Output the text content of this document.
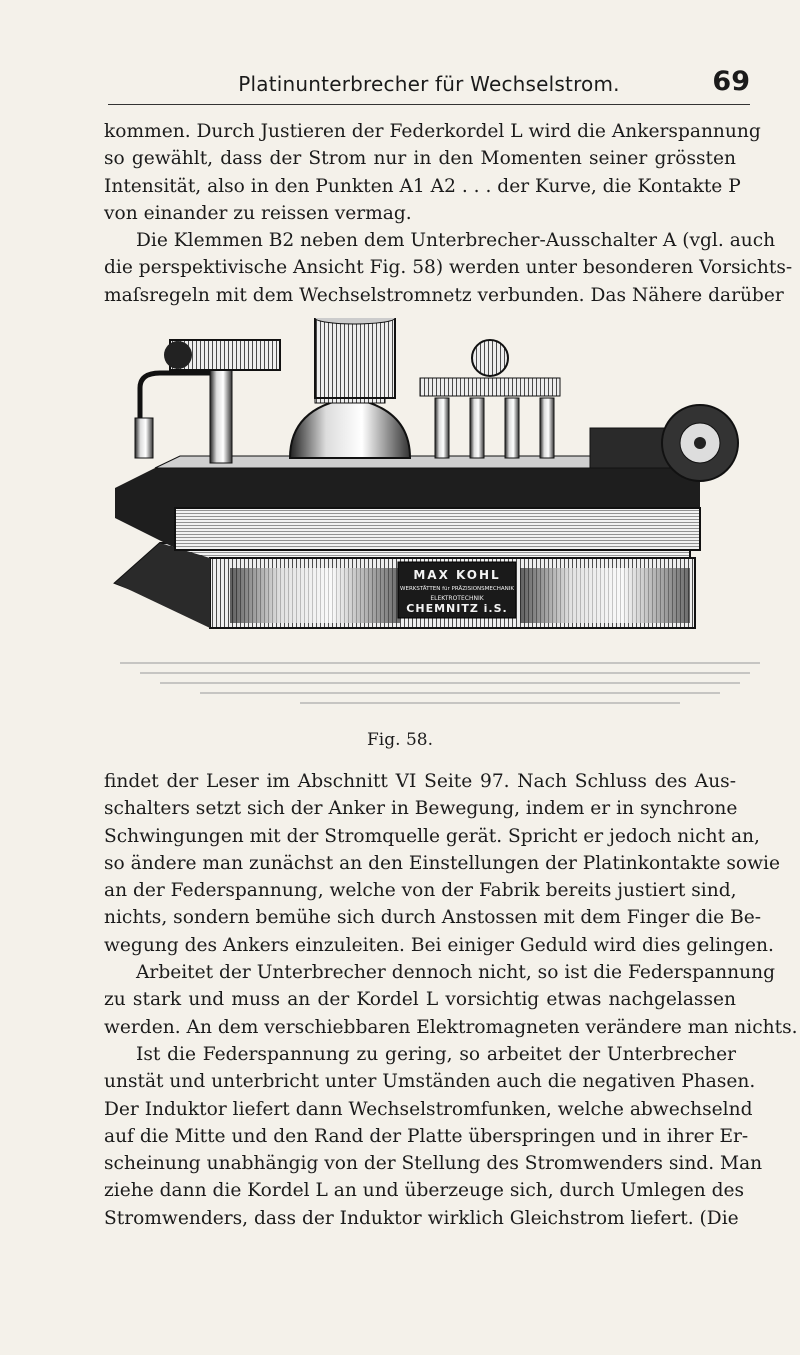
Platinunterbrecher für Wechselstrom.	69

kommen. Durch Justieren der Federkordel L wird die Ankerspannung
so gewählt, dass der Strom nur in den Momenten seiner grössten
Intensität, also in den Punkten A1 A2 . . . der Kurve, die Kontakte P
von einander zu reissen vermag.

Die Klemmen B2 neben dem Unterbrecher-Ausschalter A (vgl. auch
die perspektivische Ansicht Fig. 58) werden unter besonderen Vorsichts-
maſsregeln mit dem Wechselstromnetz verbunden. Das Nähere darüber

MAX KOHL
WERKSTÄTTEN für PRÄZISIONSMECHANIK
ELEKTROTECHNIK
CHEMNITZ i.S.
Fig. 58.

findet der Leser im Abschnitt VI Seite 97. Nach Schluss des Aus-
schalters setzt sich der Anker in Bewegung, indem er in synchrone
Schwingungen mit der Stromquelle gerät. Spricht er jedoch nicht an,
so ändere man zunächst an den Einstellungen der Platinkontakte sowie
an der Federspannung, welche von der Fabrik bereits justiert sind,
nichts, sondern bemühe sich durch Anstossen mit dem Finger die Be-
wegung des Ankers einzuleiten. Bei einiger Geduld wird dies gelingen.
Arbeitet der Unterbrecher dennoch nicht, so ist die Federspannung
zu stark und muss an der Kordel L vorsichtig etwas nachgelassen
werden. An dem verschiebbaren Elektromagneten verändere man nichts.

Ist die Federspannung zu gering, so arbeitet der Unterbrecher
unstät und unterbricht unter Umständen auch die negativen Phasen.
Der Induktor liefert dann Wechselstromfunken, welche abwechselnd
auf die Mitte und den Rand der Platte überspringen und in ihrer Er-
scheinung unabhängig von der Stellung des Stromwenders sind. Man
ziehe dann die Kordel L an und überzeuge sich, durch Umlegen des
Stromwenders, dass der Induktor wirklich Gleichstrom liefert. (Die
